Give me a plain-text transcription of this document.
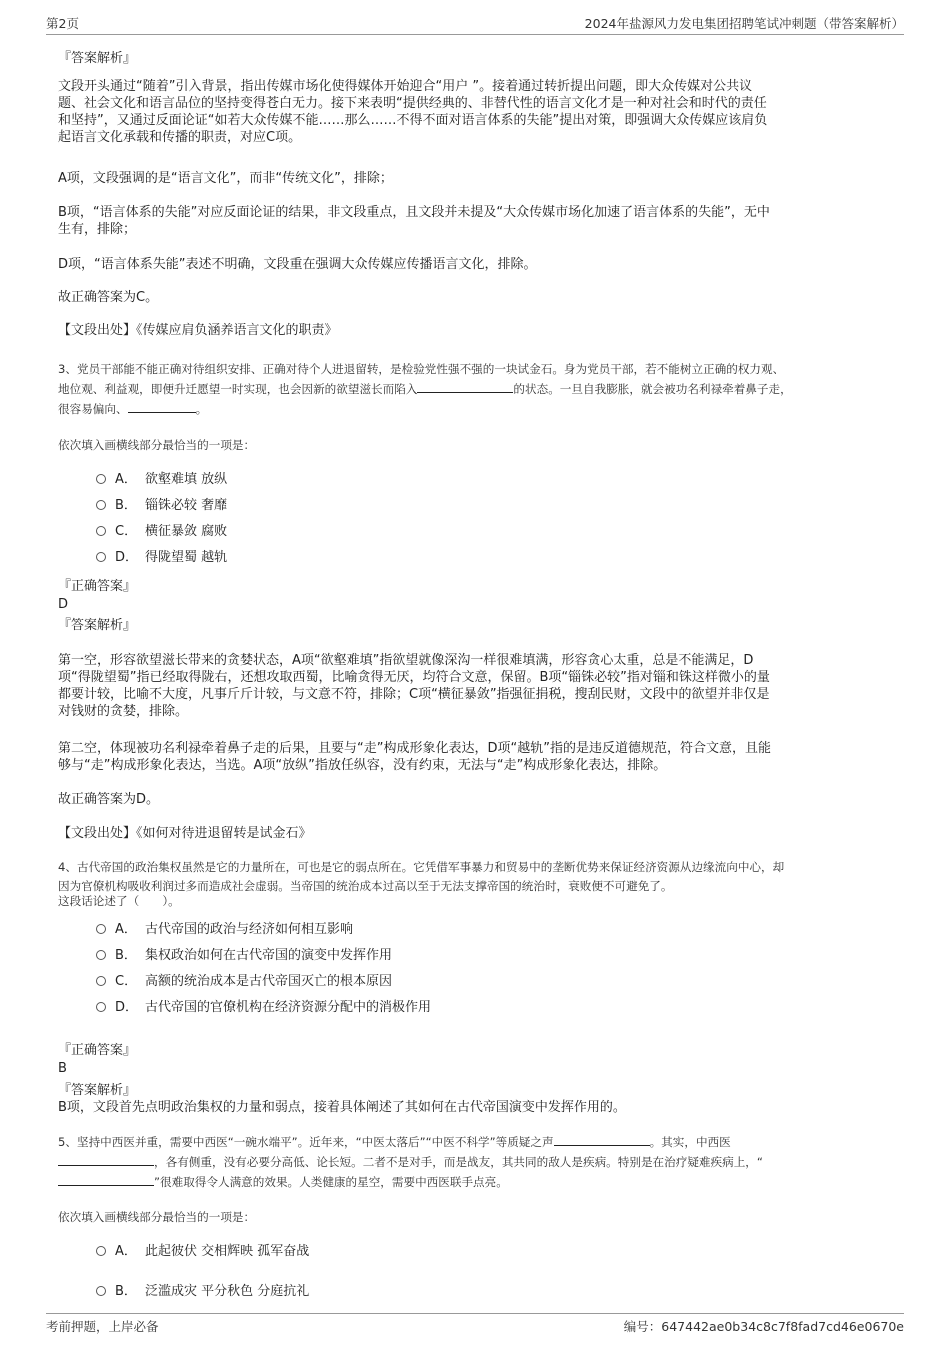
第2页	2024年盐源风力发电集团招聘笔试冲刺题（带答案解析）

『答案解析』

文段开头通过“随着”引入背景，指出传媒市场化使得媒体开始迎合“用户 ”。接着通过转折提出问题，即大众传媒对公共议

题、社会文化和语言品位的坚持变得苍白无力。接下来表明“提供经典的、非替代性的语言文化才是一种对社会和时代的责任

和坚持”，又通过反面论证“如若大众传媒不能……那么……不得不面对语言体系的失能”提出对策，即强调大众传媒应该肩负

起语言文化承载和传播的职责，对应C项。

A项，文段强调的是“语言文化”，而非“传统文化”，排除；

B项，“语言体系的失能”对应反面论证的结果，非文段重点，且文段并未提及“大众传媒市场化加速了语言体系的失能”，无中

生有，排除；

D项，“语言体系失能”表述不明确，文段重在强调大众传媒应传播语言文化，排除。

故正确答案为C。

【文段出处】《传媒应肩负涵养语言文化的职责》

3、党员干部能不能正确对待组织安排、正确对待个人进退留转，是检验党性强不强的一块试金石。身为党员干部，若不能树立正确的权力观、

地位观、利益观，即便升迁愿望一时实现，也会因新的欲望滋长而陷入	的状态。一旦自我膨胀，就会被功名利禄牵着鼻子走，

很容易偏向、	。

依次填入画横线部分最恰当的一项是：

A． 欲壑难填 放纵
B． 锱铢必较 奢靡
C． 横征暴敛 腐败
D． 得陇望蜀 越轨

『正确答案』

D

『答案解析』

第一空，形容欲望滋长带来的贪婪状态，A项“欲壑难填”指欲望就像深沟一样很难填满，形容贪心太重，总是不能满足，D

项“得陇望蜀”指已经取得陇右，还想攻取西蜀，比喻贪得无厌，均符合文意，保留。B项“锱铢必较”指对锱和铢这样微小的量

都要计较，比喻不大度，凡事斤斤计较，与文意不符，排除；C项“横征暴敛”指强征捐税，搜刮民财，文段中的欲望并非仅是

对钱财的贪婪，排除。

第二空，体现被功名利禄牵着鼻子走的后果，且要与“走”构成形象化表达，D项“越轨”指的是违反道德规范，符合文意，且能

够与“走”构成形象化表达，当选。A项“放纵”指放任纵容，没有约束，无法与“走”构成形象化表达，排除。

故正确答案为D。

【文段出处】《如何对待进退留转是试金石》

4、古代帝国的政治集权虽然是它的力量所在，可也是它的弱点所在。它凭借军事暴力和贸易中的垄断优势来保证经济资源从边缘流向中心，却

因为官僚机构吸收利润过多而造成社会虚弱。当帝国的统治成本过高以至于无法支撑帝国的统治时，衰败便不可避免了。

这段话论述了（　　）。

A． 古代帝国的政治与经济如何相互影响
B． 集权政治如何在古代帝国的演变中发挥作用
C． 高额的统治成本是古代帝国灭亡的根本原因
D． 古代帝国的官僚机构在经济资源分配中的消极作用

『正确答案』

B

『答案解析』

B项，文段首先点明政治集权的力量和弱点，接着具体阐述了其如何在古代帝国演变中发挥作用的。

5、坚持中西医并重，需要中西医“一碗水端平”。近年来，“中医太落后”“中医不科学”等质疑之声	。其实，中西医

，各有侧重，没有必要分高低、论长短。二者不是对手，而是战友，其共同的敌人是疾病。特别是在治疗疑难疾病上，“

”很难取得令人满意的效果。人类健康的星空，需要中西医联手点亮。

依次填入画横线部分最恰当的一项是：

A． 此起彼伏 交相辉映 孤军奋战
B． 泛滥成灾 平分秋色 分庭抗礼
考前押题，上岸必备	编号：647442ae0b34c8c7f8fad7cd46e0670e
